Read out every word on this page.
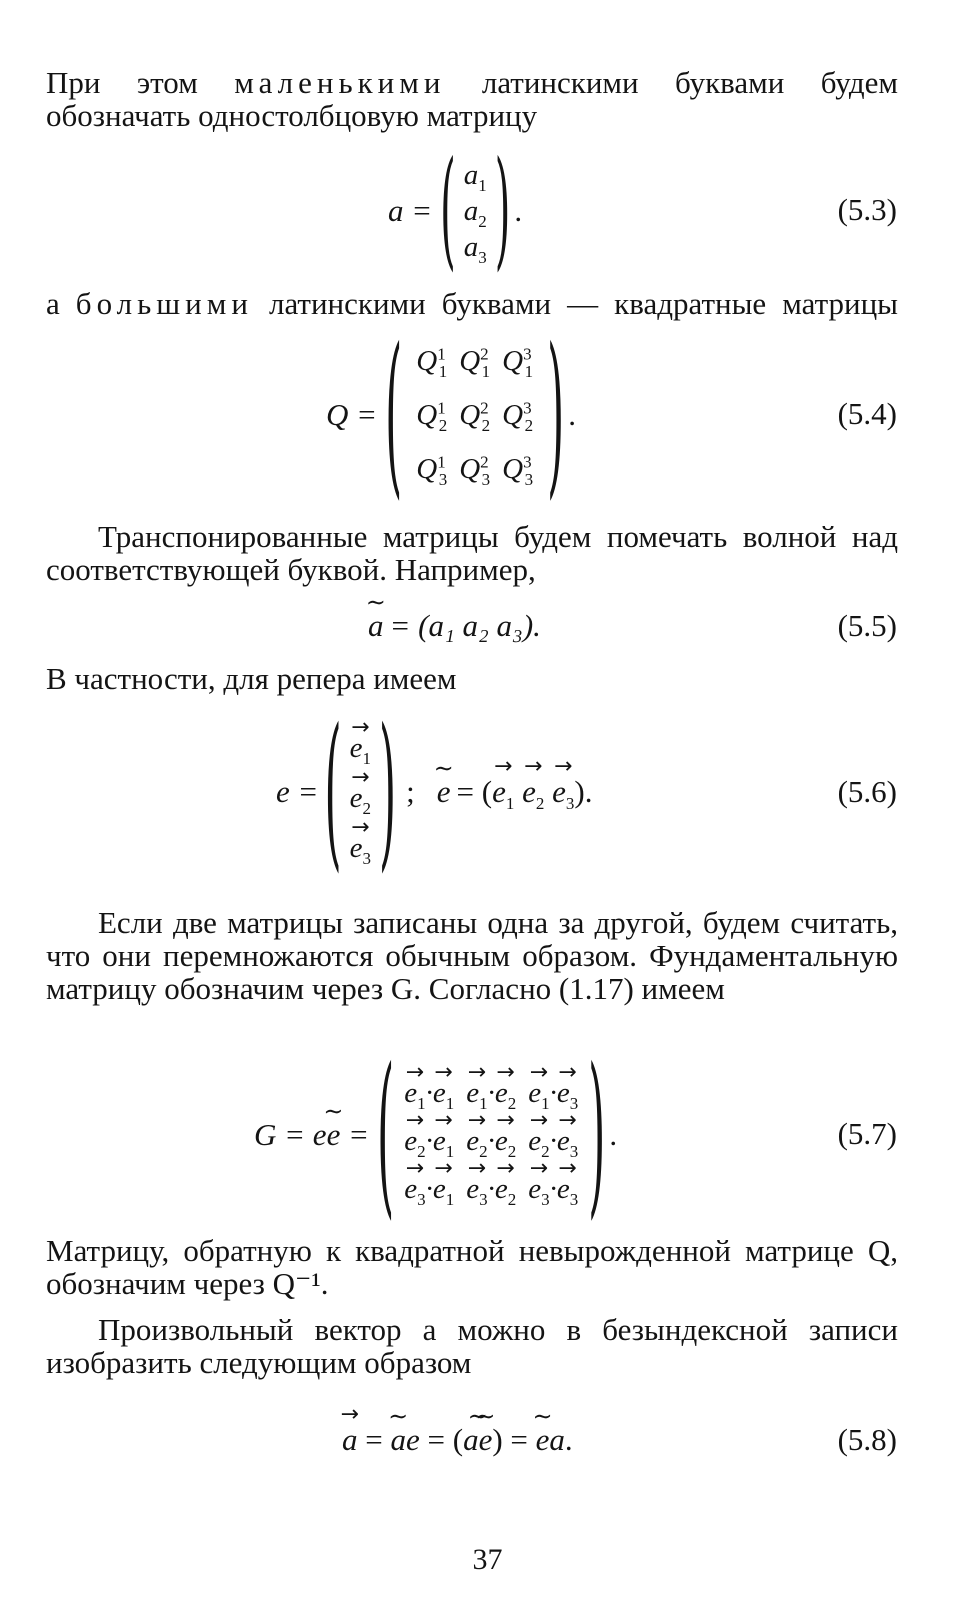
При этом маленькими латинскими буквами будем

обозначать одностолбцовую матрицу

a = ( $a_1$
$a_2$
$a_3$ ) .	(5.3)

а большими латинскими буквами — квадратные матрицы

Q = ( $Q^1_1$	$Q^2_1$	$Q^3_1$
$Q^1_2$	$Q^2_2$	$Q^3_2$
$Q^1_3$	$Q^2_3$	$Q^3_3$ ) .	(5.4)

Транспонированные матрицы будем помечать волной над соответствующей буквой. Например,

∼ a = (a₁ a₂ a₃).	(5.5)

В частности, для репера имеем

e = ( → $e_1$
→ $e_2$
→ $e_3$ ) ; ∼ e = (→ $e_1 \to e_2 \to e_3$).	(5.6)

Если две матрицы записаны одна за другой, будем считать, что они перемножаются обычным образом. Фундаментальную матрицу обозначим через G. Согласно (1.17) имеем

G = e∼ e = ( → $e_1\cdot\to e_1$	→ $e_1\cdot\to e_2$	→ $e_1\cdot\to e_3$
→ $e_2\cdot\to e_1$	→ $e_2\cdot\to e_2$	→ $e_2\cdot\to e_3$
→ $e_3\cdot\to e_1$	→ $e_3\cdot\to e_2$	→ $e_3\cdot\to e_3$ ) .	(5.7)

Матрицу, обратную к квадратной невырожденной матрице Q, обозначим через Q⁻¹.

Произвольный вектор a можно в безындексной записи изобразить следующим образом

→ a = ∼ ae = (∼ a∼ e) = ∼ ea.	(5.8)
37
